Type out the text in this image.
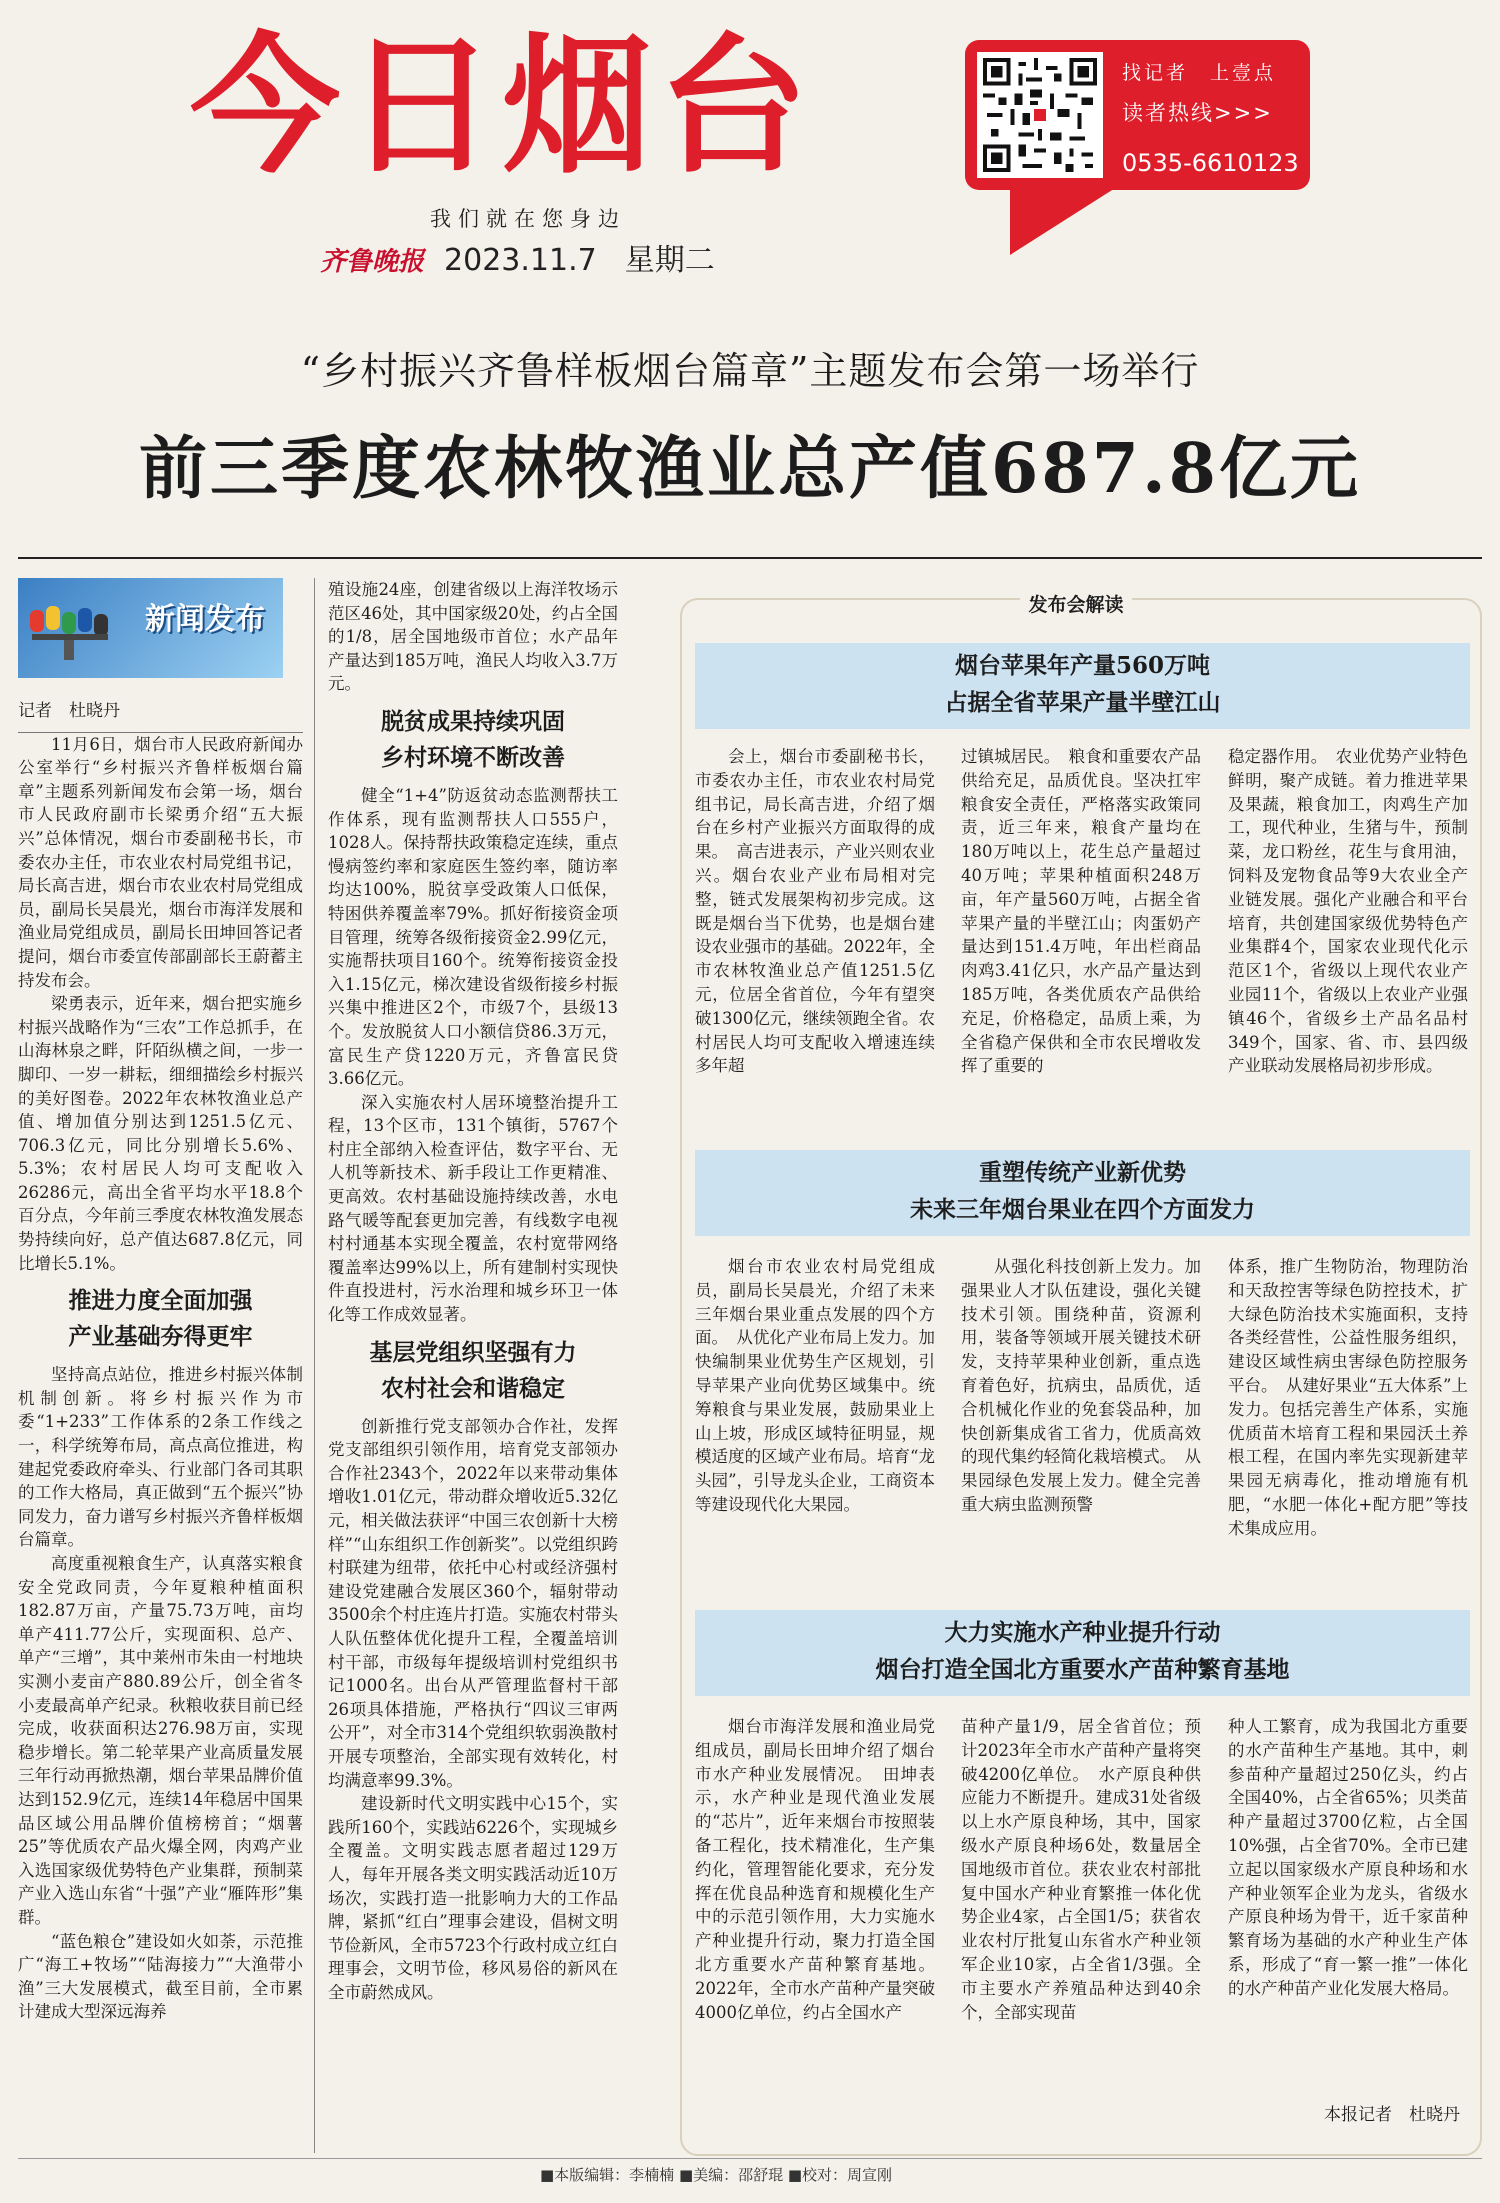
今日烟台
我们就在您身边
齐鲁晚报 2023.11.7 星期二
找记者　上壹点
读者热线>>>
0535-6610123
“乡村振兴齐鲁样板烟台篇章”主题发布会第一场举行
前三季度农林牧渔业总产值687.8亿元
新闻发布

记者　杜晓丹

11月6日，烟台市人民政府新闻办公室举行“乡村振兴齐鲁样板烟台篇章”主题系列新闻发布会第一场，烟台市人民政府副市长梁勇介绍“五大振兴”总体情况，烟台市委副秘书长，市委农办主任，市农业农村局党组书记，局长高吉进，烟台市农业农村局党组成员，副局长吴晨光，烟台市海洋发展和渔业局党组成员，副局长田坤回答记者提问，烟台市委宣传部副部长王蔚蓄主持发布会。

梁勇表示，近年来，烟台把实施乡村振兴战略作为“三农”工作总抓手，在山海林泉之畔，阡陌纵横之间，一步一脚印、一岁一耕耘，细细描绘乡村振兴的美好图卷。2022年农林牧渔业总产值、增加值分别达到1251.5亿元、706.3亿元，同比分别增长5.6%、5.3%；农村居民人均可支配收入26286元，高出全省平均水平18.8个百分点，今年前三季度农林牧渔发展态势持续向好，总产值达687.8亿元，同比增长5.1%。

推进力度全面加强
产业基础夯得更牢

坚持高点站位，推进乡村振兴体制机制创新。将乡村振兴作为市委“1+233”工作体系的2条工作线之一，科学统筹布局，高点高位推进，构建起党委政府牵头、行业部门各司其职的工作大格局，真正做到“五个振兴”协同发力，奋力谱写乡村振兴齐鲁样板烟台篇章。

高度重视粮食生产，认真落实粮食安全党政同责，今年夏粮种植面积182.87万亩，产量75.73万吨，亩均单产411.77公斤，实现面积、总产、单产“三增”，其中莱州市朱由一村地块实测小麦亩产880.89公斤，创全省冬小麦最高单产纪录。秋粮收获目前已经完成，收获面积达276.98万亩，实现稳步增长。第二轮苹果产业高质量发展三年行动再掀热潮，烟台苹果品牌价值达到152.9亿元，连续14年稳居中国果品区域公用品牌价值榜榜首；“烟薯25”等优质农产品火爆全网，肉鸡产业入选国家级优势特色产业集群，预制菜产业入选山东省“十强”产业“雁阵形”集群。

“蓝色粮仓”建设如火如荼，示范推广“海工+牧场”“陆海接力”“大渔带小渔”三大发展模式，截至目前，全市累计建成大型深远海养

殖设施24座，创建省级以上海洋牧场示范区46处，其中国家级20处，约占全国的1/8，居全国地级市首位；水产品年产量达到185万吨，渔民人均收入3.7万元。

脱贫成果持续巩固
乡村环境不断改善

健全“1+4”防返贫动态监测帮扶工作体系，现有监测帮扶人口555户，1028人。保持帮扶政策稳定连续，重点慢病签约率和家庭医生签约率，随访率均达100%，脱贫享受政策人口低保，特困供养覆盖率79%。抓好衔接资金项目管理，统筹各级衔接资金2.99亿元，实施帮扶项目160个。统筹衔接资金投入1.15亿元，梯次建设省级衔接乡村振兴集中推进区2个，市级7个，县级13个。发放脱贫人口小额信贷86.3万元，富民生产贷1220万元，齐鲁富民贷3.66亿元。

深入实施农村人居环境整治提升工程，13个区市，131个镇街，5767个村庄全部纳入检查评估，数字平台、无人机等新技术、新手段让工作更精准、更高效。农村基础设施持续改善，水电路气暖等配套更加完善，有线数字电视村村通基本实现全覆盖，农村宽带网络覆盖率达99%以上，所有建制村实现快件直投进村，污水治理和城乡环卫一体化等工作成效显著。

基层党组织坚强有力
农村社会和谐稳定

创新推行党支部领办合作社，发挥党支部组织引领作用，培育党支部领办合作社2343个，2022年以来带动集体增收1.01亿元，带动群众增收近5.32亿元，相关做法获评“中国三农创新十大榜样”“山东组织工作创新奖”。以党组织跨村联建为纽带，依托中心村或经济强村建设党建融合发展区360个，辐射带动3500余个村庄连片打造。实施农村带头人队伍整体优化提升工程，全覆盖培训村干部，市级每年提级培训村党组织书记1000名。出台从严管理监督村干部26项具体措施，严格执行“四议三审两公开”，对全市314个党组织软弱涣散村开展专项整治，全部实现有效转化，村均满意率99.3%。

建设新时代文明实践中心15个，实践所160个，实践站6226个，实现城乡全覆盖。文明实践志愿者超过129万人，每年开展各类文明实践活动近10万场次，实践打造一批影响力大的工作品牌，紧抓“红白”理事会建设，倡树文明节俭新风，全市5723个行政村成立红白理事会，文明节俭，移风易俗的新风在全市蔚然成风。

发布会解读
烟台苹果年产量560万吨
占据全省苹果产量半壁江山

会上，烟台市委副秘书长，市委农办主任，市农业农村局党组书记，局长高吉进，介绍了烟台在乡村产业振兴方面取得的成果。　高吉进表示，产业兴则农业兴。烟台农业产业布局相对完整，链式发展架构初步完成。这既是烟台当下优势，也是烟台建设农业强市的基础。2022年，全市农林牧渔业总产值1251.5亿元，位居全省首位，今年有望突破1300亿元，继续领跑全省。农村居民人均可支配收入增速连续多年超

过镇城居民。　粮食和重要农产品供给充足，品质优良。坚决扛牢粮食安全责任，严格落实政策同责，近三年来，粮食产量均在180万吨以上，花生总产量超过40万吨；苹果种植面积248万亩，年产量560万吨，占据全省苹果产量的半壁江山；肉蛋奶产量达到151.4万吨，年出栏商品肉鸡3.41亿只，水产品产量达到185万吨，各类优质农产品供给充足，价格稳定，品质上乘，为全省稳产保供和全市农民增收发挥了重要的

稳定器作用。　农业优势产业特色鲜明，聚产成链。着力推进苹果及果蔬，粮食加工，肉鸡生产加工，现代种业，生猪与牛，预制菜，龙口粉丝，花生与食用油，饲料及宠物食品等9大农业全产业链发展。强化产业融合和平台培育，共创建国家级优势特色产业集群4个，国家农业现代化示范区1个，省级以上现代农业产业园11个，省级以上农业产业强镇46个，省级乡土产品名品村349个，国家、省、市、县四级产业联动发展格局初步形成。

重塑传统产业新优势
未来三年烟台果业在四个方面发力

烟台市农业农村局党组成员，副局长吴晨光，介绍了未来三年烟台果业重点发展的四个方面。　从优化产业布局上发力。加快编制果业优势生产区规划，引导苹果产业向优势区域集中。统筹粮食与果业发展，鼓励果业上山上坡，形成区域特征明显，规模适度的区域产业布局。培育“龙头园”，引导龙头企业，工商资本等建设现代化大果园。

从强化科技创新上发力。加强果业人才队伍建设，强化关键技术引领。围绕种苗，资源利用，装备等领域开展关键技术研发，支持苹果种业创新，重点选育着色好，抗病虫，品质优，适合机械化作业的免套袋品种，加快创新集成省工省力，优质高效的现代集约轻简化栽培模式。　从果园绿色发展上发力。健全完善重大病虫监测预警

体系，推广生物防治，物理防治和天敌控害等绿色防控技术，扩大绿色防治技术实施面积，支持各类经营性，公益性服务组织，建设区域性病虫害绿色防控服务平台。　从建好果业“五大体系”上发力。包括完善生产体系，实施优质苗木培育工程和果园沃土养根工程，在国内率先实现新建苹果园无病毒化，推动增施有机肥，“水肥一体化+配方肥”等技术集成应用。

大力实施水产种业提升行动
烟台打造全国北方重要水产苗种繁育基地

烟台市海洋发展和渔业局党组成员，副局长田坤介绍了烟台市水产种业发展情况。　田坤表示，水产种业是现代渔业发展的“芯片”，近年来烟台市按照装备工程化，技术精准化，生产集约化，管理智能化要求，充分发挥在优良品种选育和规模化生产中的示范引领作用，大力实施水产种业提升行动，聚力打造全国北方重要水产苗种繁育基地。2022年，全市水产苗种产量突破4000亿单位，约占全国水产

苗种产量1/9，居全省首位；预计2023年全市水产苗种产量将突破4200亿单位。　水产原良种供应能力不断提升。建成31处省级以上水产原良种场，其中，国家级水产原良种场6处，数量居全国地级市首位。获农业农村部批复中国水产种业育繁推一体化优势企业4家，占全国1/5；获省农业农村厅批复山东省水产种业领军企业10家，占全省1/3强。全市主要水产养殖品种达到40余个，全部实现苗

种人工繁育，成为我国北方重要的水产苗种生产基地。其中，刺参苗种产量超过250亿头，约占全国40%，占全省65%；贝类苗种产量超过3700亿粒，占全国10%强，占全省70%。全市已建立起以国家级水产原良种场和水产种业领军企业为龙头，省级水产原良种场为骨干，近千家苗种繁育场为基础的水产种业生产体系，形成了“育一繁一推”一体化的水产种苗产业化发展大格局。

本报记者　杜晓丹
■本版编辑：李楠楠 ■美编：邵舒琨 ■校对：周宣刚
